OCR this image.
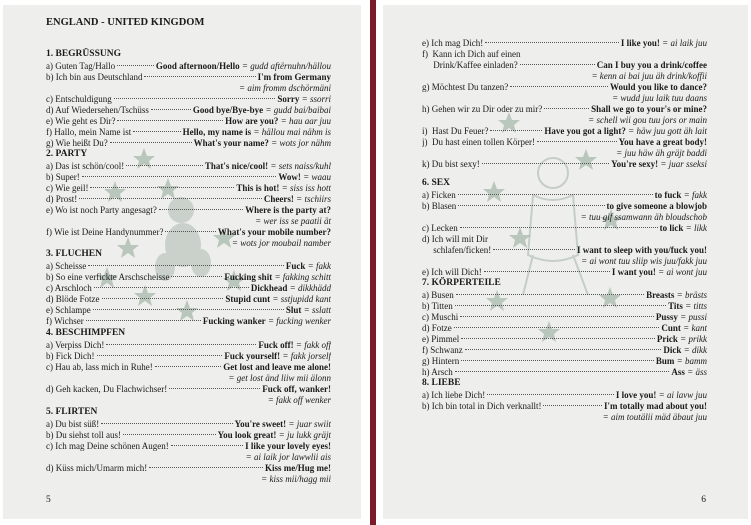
ENGLAND - UNITED KINGDOM
5
1. BEGRÜSSUNG
a) Guten Tag/Hallo	Good afternoon/Hello = gudd aftërnuhn/hällou
b) Ich bin aus Deutschland	I'm from Germany
= aim fromm dschörmäni
c) Entschuldigung	Sorry = ssorri
d) Auf Wiedersehen/Tschüss	Good bye/Bye-bye = gudd bai/baibai
e) Wie geht es Dir?	How are you? = hau aar juu
f) Hallo, mein Name ist	Hello, my name is = hällou mai nähm is
g) Wie heißt Du?	What's your name? = wots jor nähm
2. PARTY
a) Das ist schön/cool!	That's nice/cool! = sets naiss/kuhl
b) Super!	Wow! = waau
c) Wie geil!	This is hot! = siss iss hott
d) Prost!	Cheers! = tschiirs
e) Wo ist noch Party angesagt?	Where is the party at?
= wer iss se paatii ät
f) Wie ist Deine Handynummer?	What's your mobile number?
= wots jor moubail namber
3. FLUCHEN
a) Scheisse	Fuck = fakk
b) So eine verfickte Arschscheisse	Fucking shit = fakking schitt
c) Arschloch	Dickhead = dikkhädd
d) Blöde Fotze	Stupid cunt = sstjupidd kant
e) Schlampe	Slut = sslatt
f) Wichser	Fucking wanker = fucking wenker
4. BESCHIMPFEN
a) Verpiss Dich!	Fuck off! = fakk off
b) Fick Dich!	Fuck yourself! = fakk jorself
c) Hau ab, lass mich in Ruhe!	Get lost and leave me alone!
= get lost änd liiw mii älonn
d) Geh kacken, Du Flachwichser!	Fuck off, wanker!
= fakk off wenker
5. FLIRTEN
a) Du bist süß!	You're sweet! = juar swiit
b) Du siehst toll aus!	You look great! = ju lukk gräjt
c) Ich mag Deine schönen Augen!	I like your lovely eyes!
= ai laik jor lawwlii ais
d) Küss mich/Umarm mich!	Kiss me/Hug me!
= kiss mii/hagg mii
6
e) Ich mag Dich!	I like you! = ai laik juu
f)  Kann ich Dich auf einen
Drink/Kaffee einladen?	Can I buy you a drink/coffee
= kenn ai bai juu äh drink/koffii
g) Möchtest Du tanzen?	Would you like to dance?
= wudd juu laik tuu daans
h) Gehen wir zu Dir oder zu mir?	Shall we go to your's or mine?
= schell wii gou tuu jors or main
i)  Hast Du Feuer?	Have you got a light? = häw juu gott äh lait
j)  Du hast einen tollen Körper!	You have a great body!
= juu häw äh gräjt baddi
k) Du bist sexy!	You're sexy! = juar sseksi
6. SEX
a) Ficken	to fuck = fakk
b) Blasen	to give someone a blowjob
= tuu gif ssamwann äh bloudschob
c) Lecken	to lick = likk
d) Ich will mit Dir
schlafen/ficken!	I want to sleep with you/fuck you!
= ai wont tuu sliip wis juu/fakk juu
e) Ich will Dich!	I want you! = ai wont juu
7. KÖRPERTEILE
a) Busen	Breasts = brästs
b) Titten	Tits = titts
c) Muschi	Pussy = pussi
d) Fotze	Cunt = kant
e) Pimmel	Prick = prikk
f) Schwanz	Dick = dikk
g) Hintern	Bum = bamm
h) Arsch	Ass = äss
8. LIEBE
a) Ich liebe Dich!	I love you! = ai lavw juu
b) Ich bin total in Dich verknallt!	I'm totally mad about you!
= aim toutälii mäd äbaut juu
